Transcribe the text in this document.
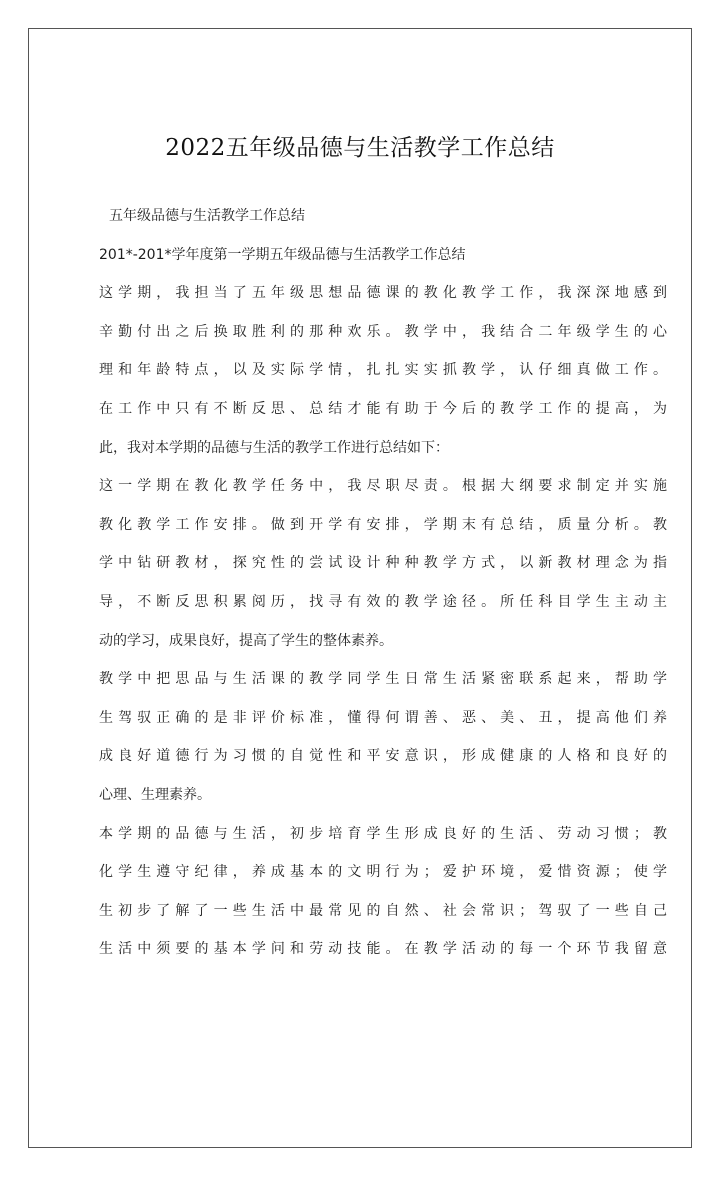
2022五年级品德与生活教学工作总结
五年级品德与生活教学工作总结
201*-201*学年度第一学期五年级品德与生活教学工作总结
这学期，我担当了五年级思想品德课的教化教学工作，我深深地感到
辛勤付出之后换取胜利的那种欢乐。教学中，我结合二年级学生的心
理和年龄特点，以及实际学情，扎扎实实抓教学，认仔细真做工作。
在工作中只有不断反思、总结才能有助于今后的教学工作的提高，为
此，我对本学期的品德与生活的教学工作进行总结如下：
这一学期在教化教学任务中，我尽职尽责。根据大纲要求制定并实施
教化教学工作安排。做到开学有安排，学期末有总结，质量分析。教
学中钻研教材，探究性的尝试设计种种教学方式，以新教材理念为指
导，不断反思积累阅历，找寻有效的教学途径。所任科目学生主动主
动的学习，成果良好，提高了学生的整体素养。
教学中把思品与生活课的教学同学生日常生活紧密联系起来，帮助学
生驾驭正确的是非评价标准，懂得何谓善、恶、美、丑，提高他们养
成良好道德行为习惯的自觉性和平安意识，形成健康的人格和良好的
心理、生理素养。
本学期的品德与生活，初步培育学生形成良好的生活、劳动习惯；教
化学生遵守纪律，养成基本的文明行为；爱护环境，爱惜资源；使学
生初步了解了一些生活中最常见的自然、社会常识；驾驭了一些自己
生活中须要的基本学问和劳动技能。在教学活动的每一个环节我留意
